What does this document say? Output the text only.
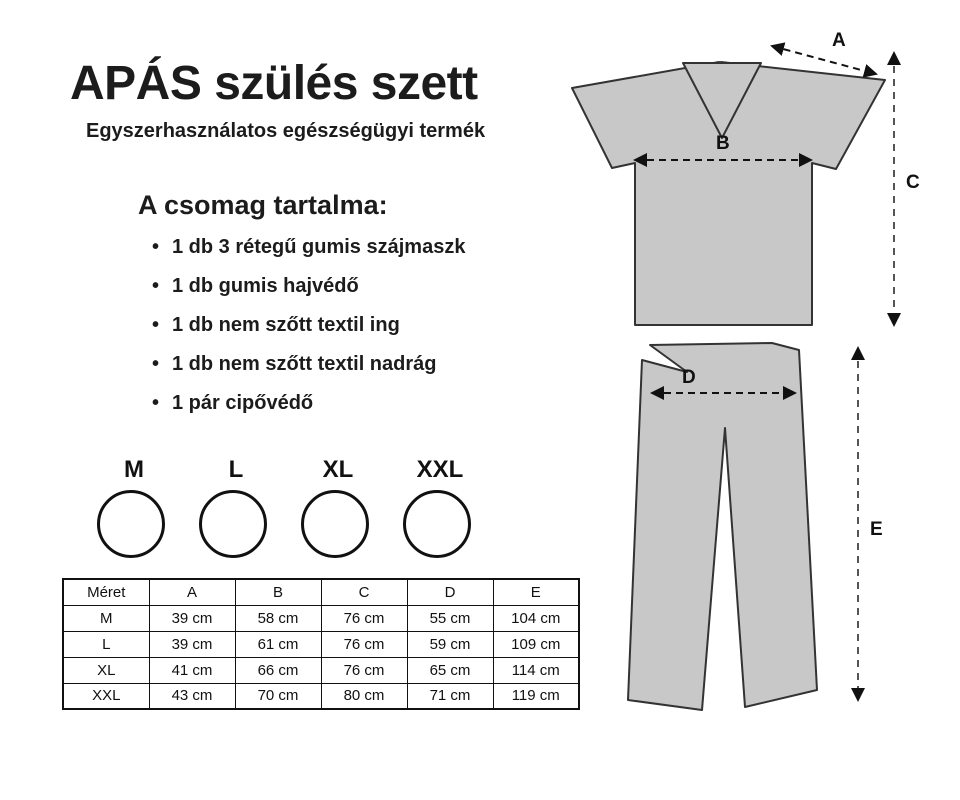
APÁS szülés szett
Egyszerhasználatos egészségügyi termék
A csomag tartalma:
• 1 db 3 rétegű gumis szájmaszk
• 1 db gumis hajvédő
• 1 db nem szőtt textil ing
• 1 db nem szőtt textil nadrág
• 1 pár cipővédő
M	L	XL	XXL
Méret	A	B	C	D	E
M	39 cm	58 cm	76 cm	55 cm	104 cm
L	39 cm	61 cm	76 cm	59 cm	109 cm
XL	41 cm	66 cm	76 cm	65 cm	114 cm
XXL	43 cm	70 cm	80 cm	71 cm	119 cm
A
B
C
D
E
